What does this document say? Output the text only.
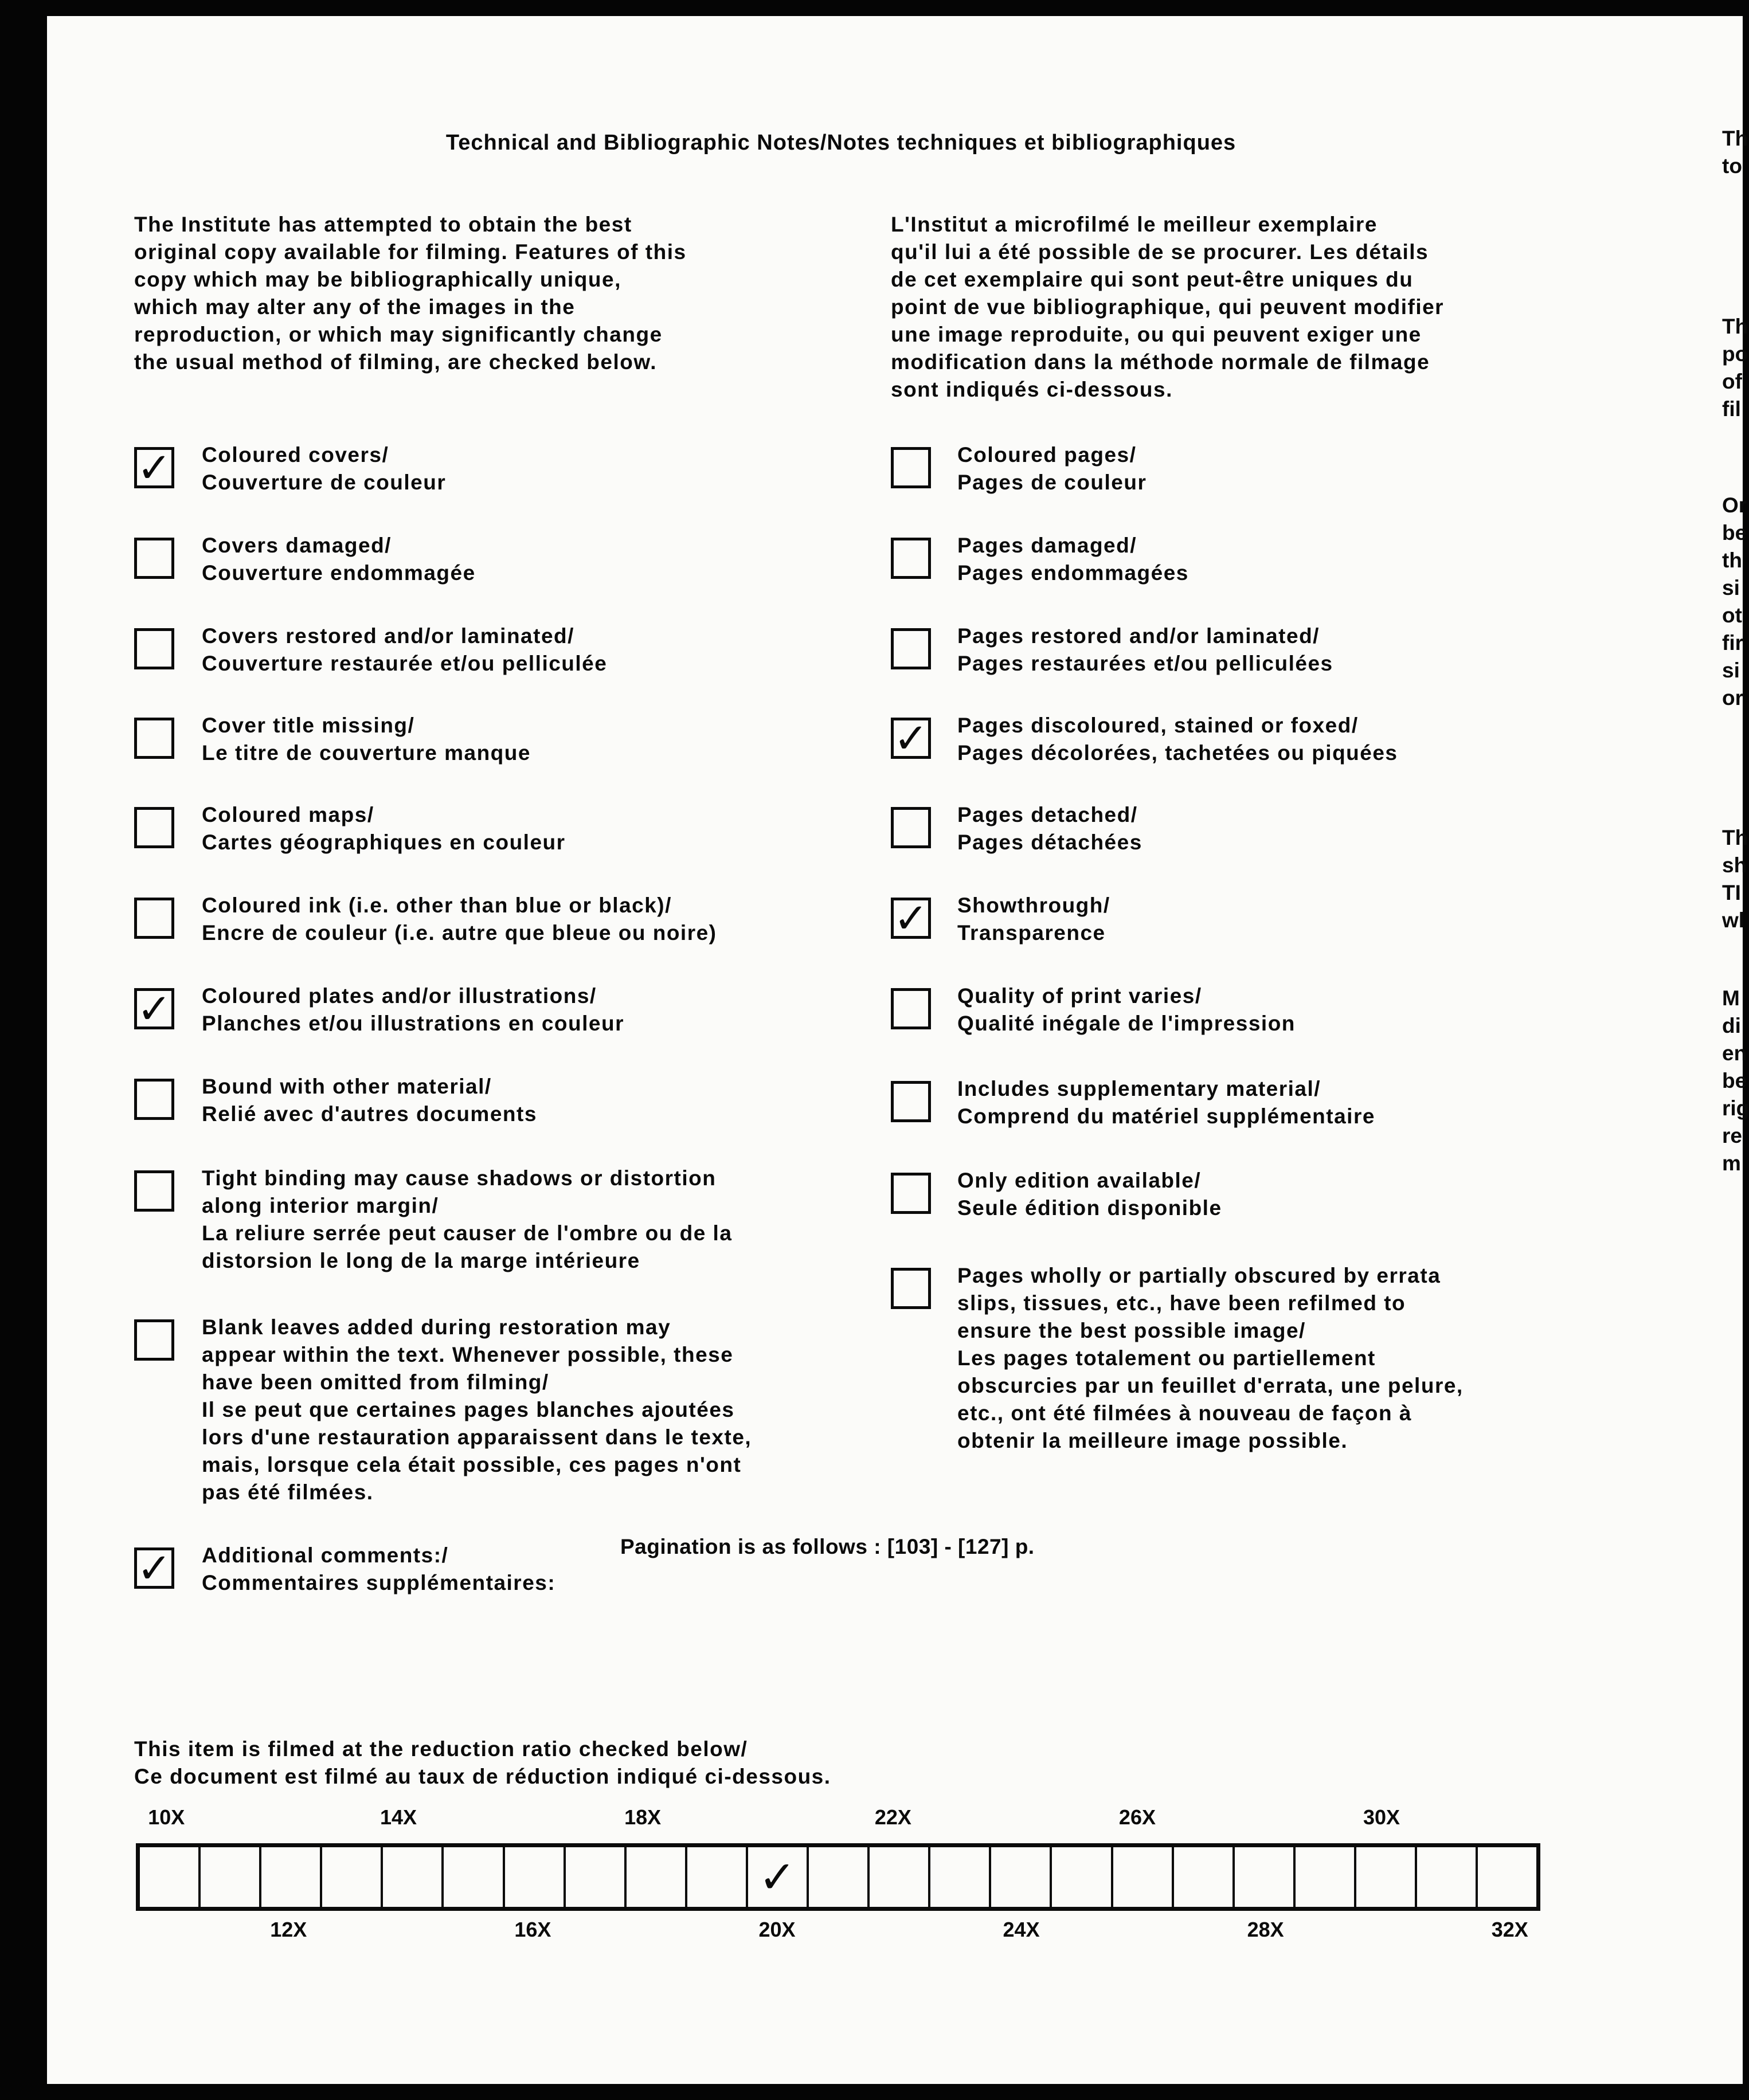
Technical and Bibliographic Notes/Notes techniques et bibliographiques

The Institute has attempted to obtain the best
original copy available for filming. Features of this
copy which may be bibliographically unique,
which may alter any of the images in the
reproduction, or which may significantly change
the usual method of filming, are checked below.

L'Institut a microfilmé le meilleur exemplaire
qu'il lui a été possible de se procurer. Les détails
de cet exemplaire qui sont peut-être uniques du
point de vue bibliographique, qui peuvent modifier
une image reproduite, ou qui peuvent exiger une
modification dans la méthode normale de filmage
sont indiqués ci-dessous.

✓ Coloured covers/
Couverture de couleur
Covers damaged/
Couverture endommagée
Covers restored and/or laminated/
Couverture restaurée et/ou pelliculée
Cover title missing/
Le titre de couverture manque
Coloured maps/
Cartes géographiques en couleur
Coloured ink (i.e. other than blue or black)/
Encre de couleur (i.e. autre que bleue ou noire)
✓ Coloured plates and/or illustrations/
Planches et/ou illustrations en couleur
Bound with other material/
Relié avec d'autres documents
Tight binding may cause shadows or distortion
along interior margin/
La reliure serrée peut causer de l'ombre ou de la
distorsion le long de la marge intérieure
Blank leaves added during restoration may
appear within the text. Whenever possible, these
have been omitted from filming/
Il se peut que certaines pages blanches ajoutées
lors d'une restauration apparaissent dans le texte,
mais, lorsque cela était possible, ces pages n'ont
pas été filmées.
✓ Additional comments:/
Commentaires supplémentaires:
Coloured pages/
Pages de couleur
Pages damaged/
Pages endommagées
Pages restored and/or laminated/
Pages restaurées et/ou pelliculées
✓ Pages discoloured, stained or foxed/
Pages décolorées, tachetées ou piquées
Pages detached/
Pages détachées
✓ Showthrough/
Transparence
Quality of print varies/
Qualité inégale de l'impression
Includes supplementary material/
Comprend du matériel supplémentaire
Only edition available/
Seule édition disponible
Pages wholly or partially obscured by errata
slips, tissues, etc., have been refilmed to
ensure the best possible image/
Les pages totalement ou partiellement
obscurcies par un feuillet d'errata, une pelure,
etc., ont été filmées à nouveau de façon à
obtenir la meilleure image possible.
Pagination is as follows : [103] - [127] p.
This item is filmed at the reduction ratio checked below/
Ce document est filmé au taux de réduction indiqué ci-dessous.
10X	14X	18X	22X	26X	30X
12X	16X	20X	24X	28X	32X
✓
Th
to
Th
po
of
fil
Or
be
th
si
ot
fir
si
or
Th
sh
TI
wl
M
di
en
be
rig
re
m
